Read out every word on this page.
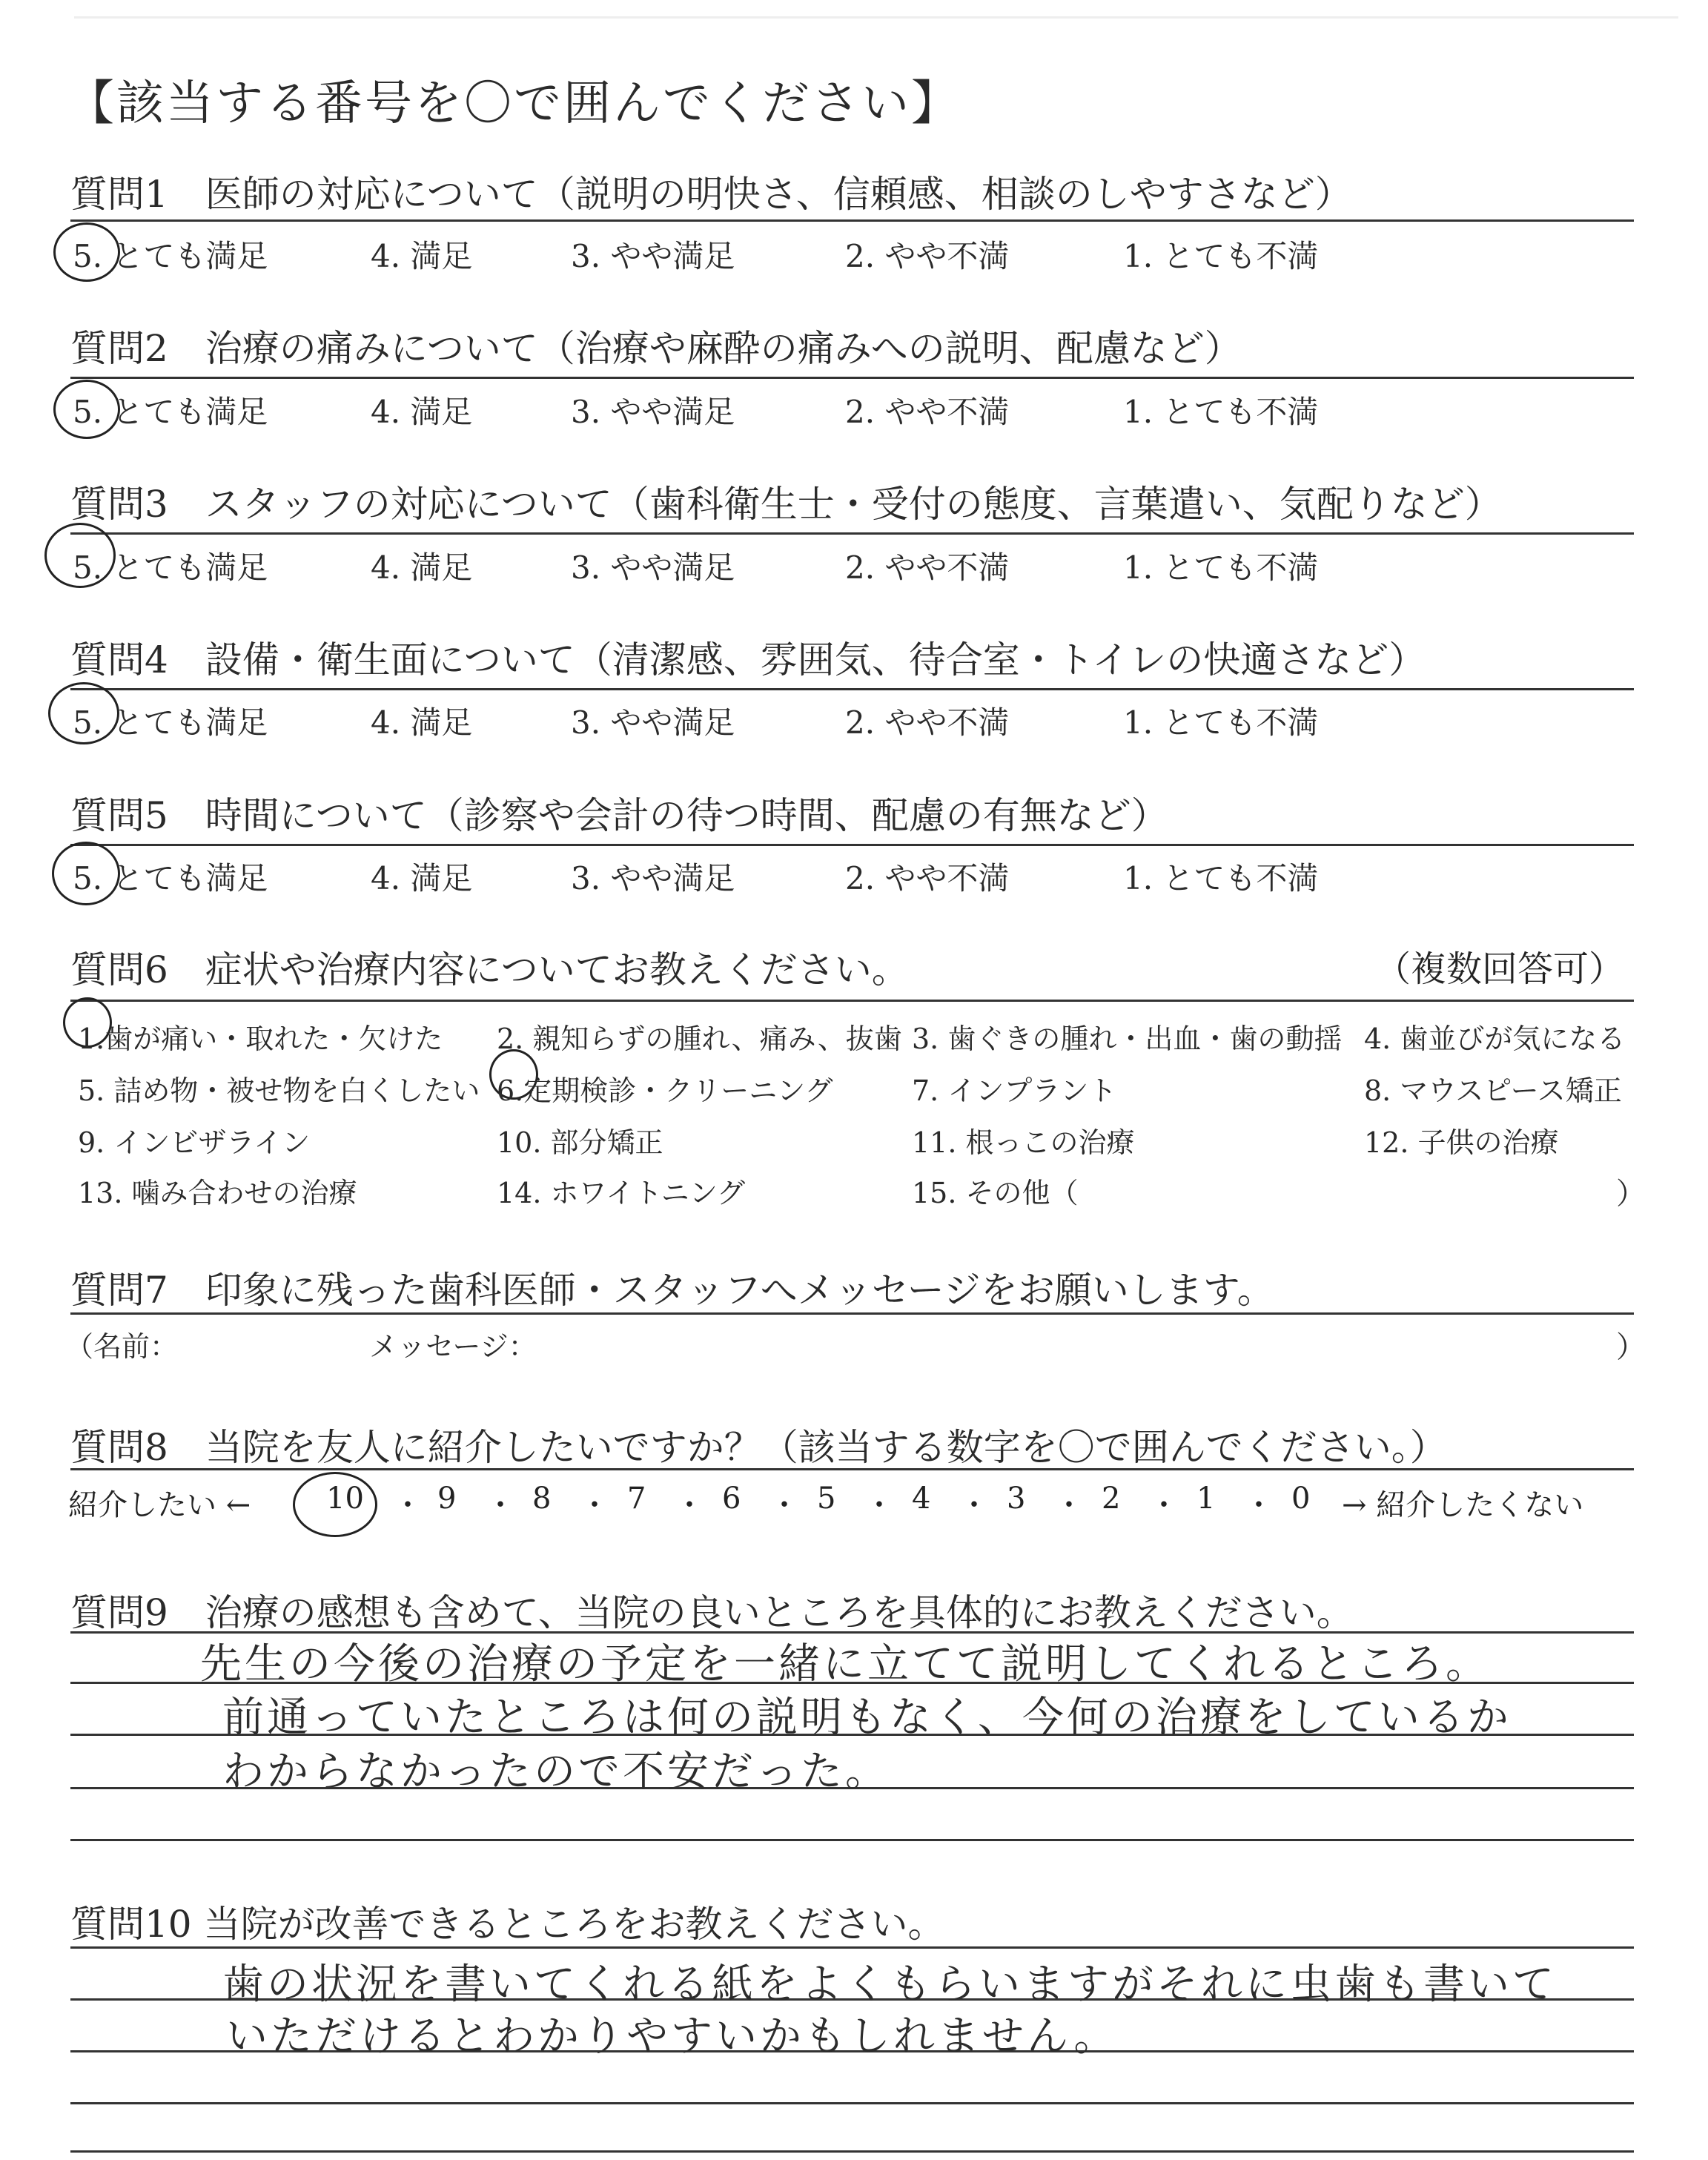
【該当する番号を〇で囲んでください】
質問1　医師の対応について（説明の明快さ、信頼感、相談のしやすさなど）
5. とても満足	4. 満足	3. やや満足	2. やや不満	1. とても不満
質問2　治療の痛みについて（治療や麻酔の痛みへの説明、配慮など）
5. とても満足	4. 満足	3. やや満足	2. やや不満	1. とても不満
質問3　スタッフの対応について（歯科衛生士・受付の態度、言葉遣い、気配りなど）
5. とても満足	4. 満足	3. やや満足	2. やや不満	1. とても不満
質問4　設備・衛生面について（清潔感、雰囲気、待合室・トイレの快適さなど）
5. とても満足	4. 満足	3. やや満足	2. やや不満	1. とても不満
質問5　時間について（診察や会計の待つ時間、配慮の有無など）
5. とても満足	4. 満足	3. やや満足	2. やや不満	1. とても不満
質問6　症状や治療内容についてお教えください。	（複数回答可）
1.歯が痛い・取れた・欠けた 2. 親知らずの腫れ、痛み、抜歯 3. 歯ぐきの腫れ・出血・歯の動揺 4. 歯並びが気になる
5. 詰め物・被せ物を白くしたい 6.定期検診・クリーニング	7. インプラント	8. マウスピース矯正
9. インビザライン	10. 部分矯正	11. 根っこの治療	12. 子供の治療
13. 噛み合わせの治療	14. ホワイトニング	15. その他（	）
質問7　印象に残った歯科医師・スタッフへメッセージをお願いします。
（名前：	メッセージ：	）
質問8　当院を友人に紹介したいですか？（該当する数字を〇で囲んでください。）
紹介したい ←	10 ・ 9 ・ 8 ・ 7 ・ 6 ・ 5 ・ 4 ・ 3 ・ 2 ・ 1 ・ 0 → 紹介したくない
質問9　治療の感想も含めて、当院の良いところを具体的にお教えください。
先生の今後の治療の予定を一緒に立てて説明してくれるところ。
前通っていたところは何の説明もなく、今何の治療をしているか
わからなかったので不安だった。
質問10 当院が改善できるところをお教えください。
歯の状況を書いてくれる紙をよくもらいますがそれに虫歯も書いて
いただけるとわかりやすいかもしれません。
